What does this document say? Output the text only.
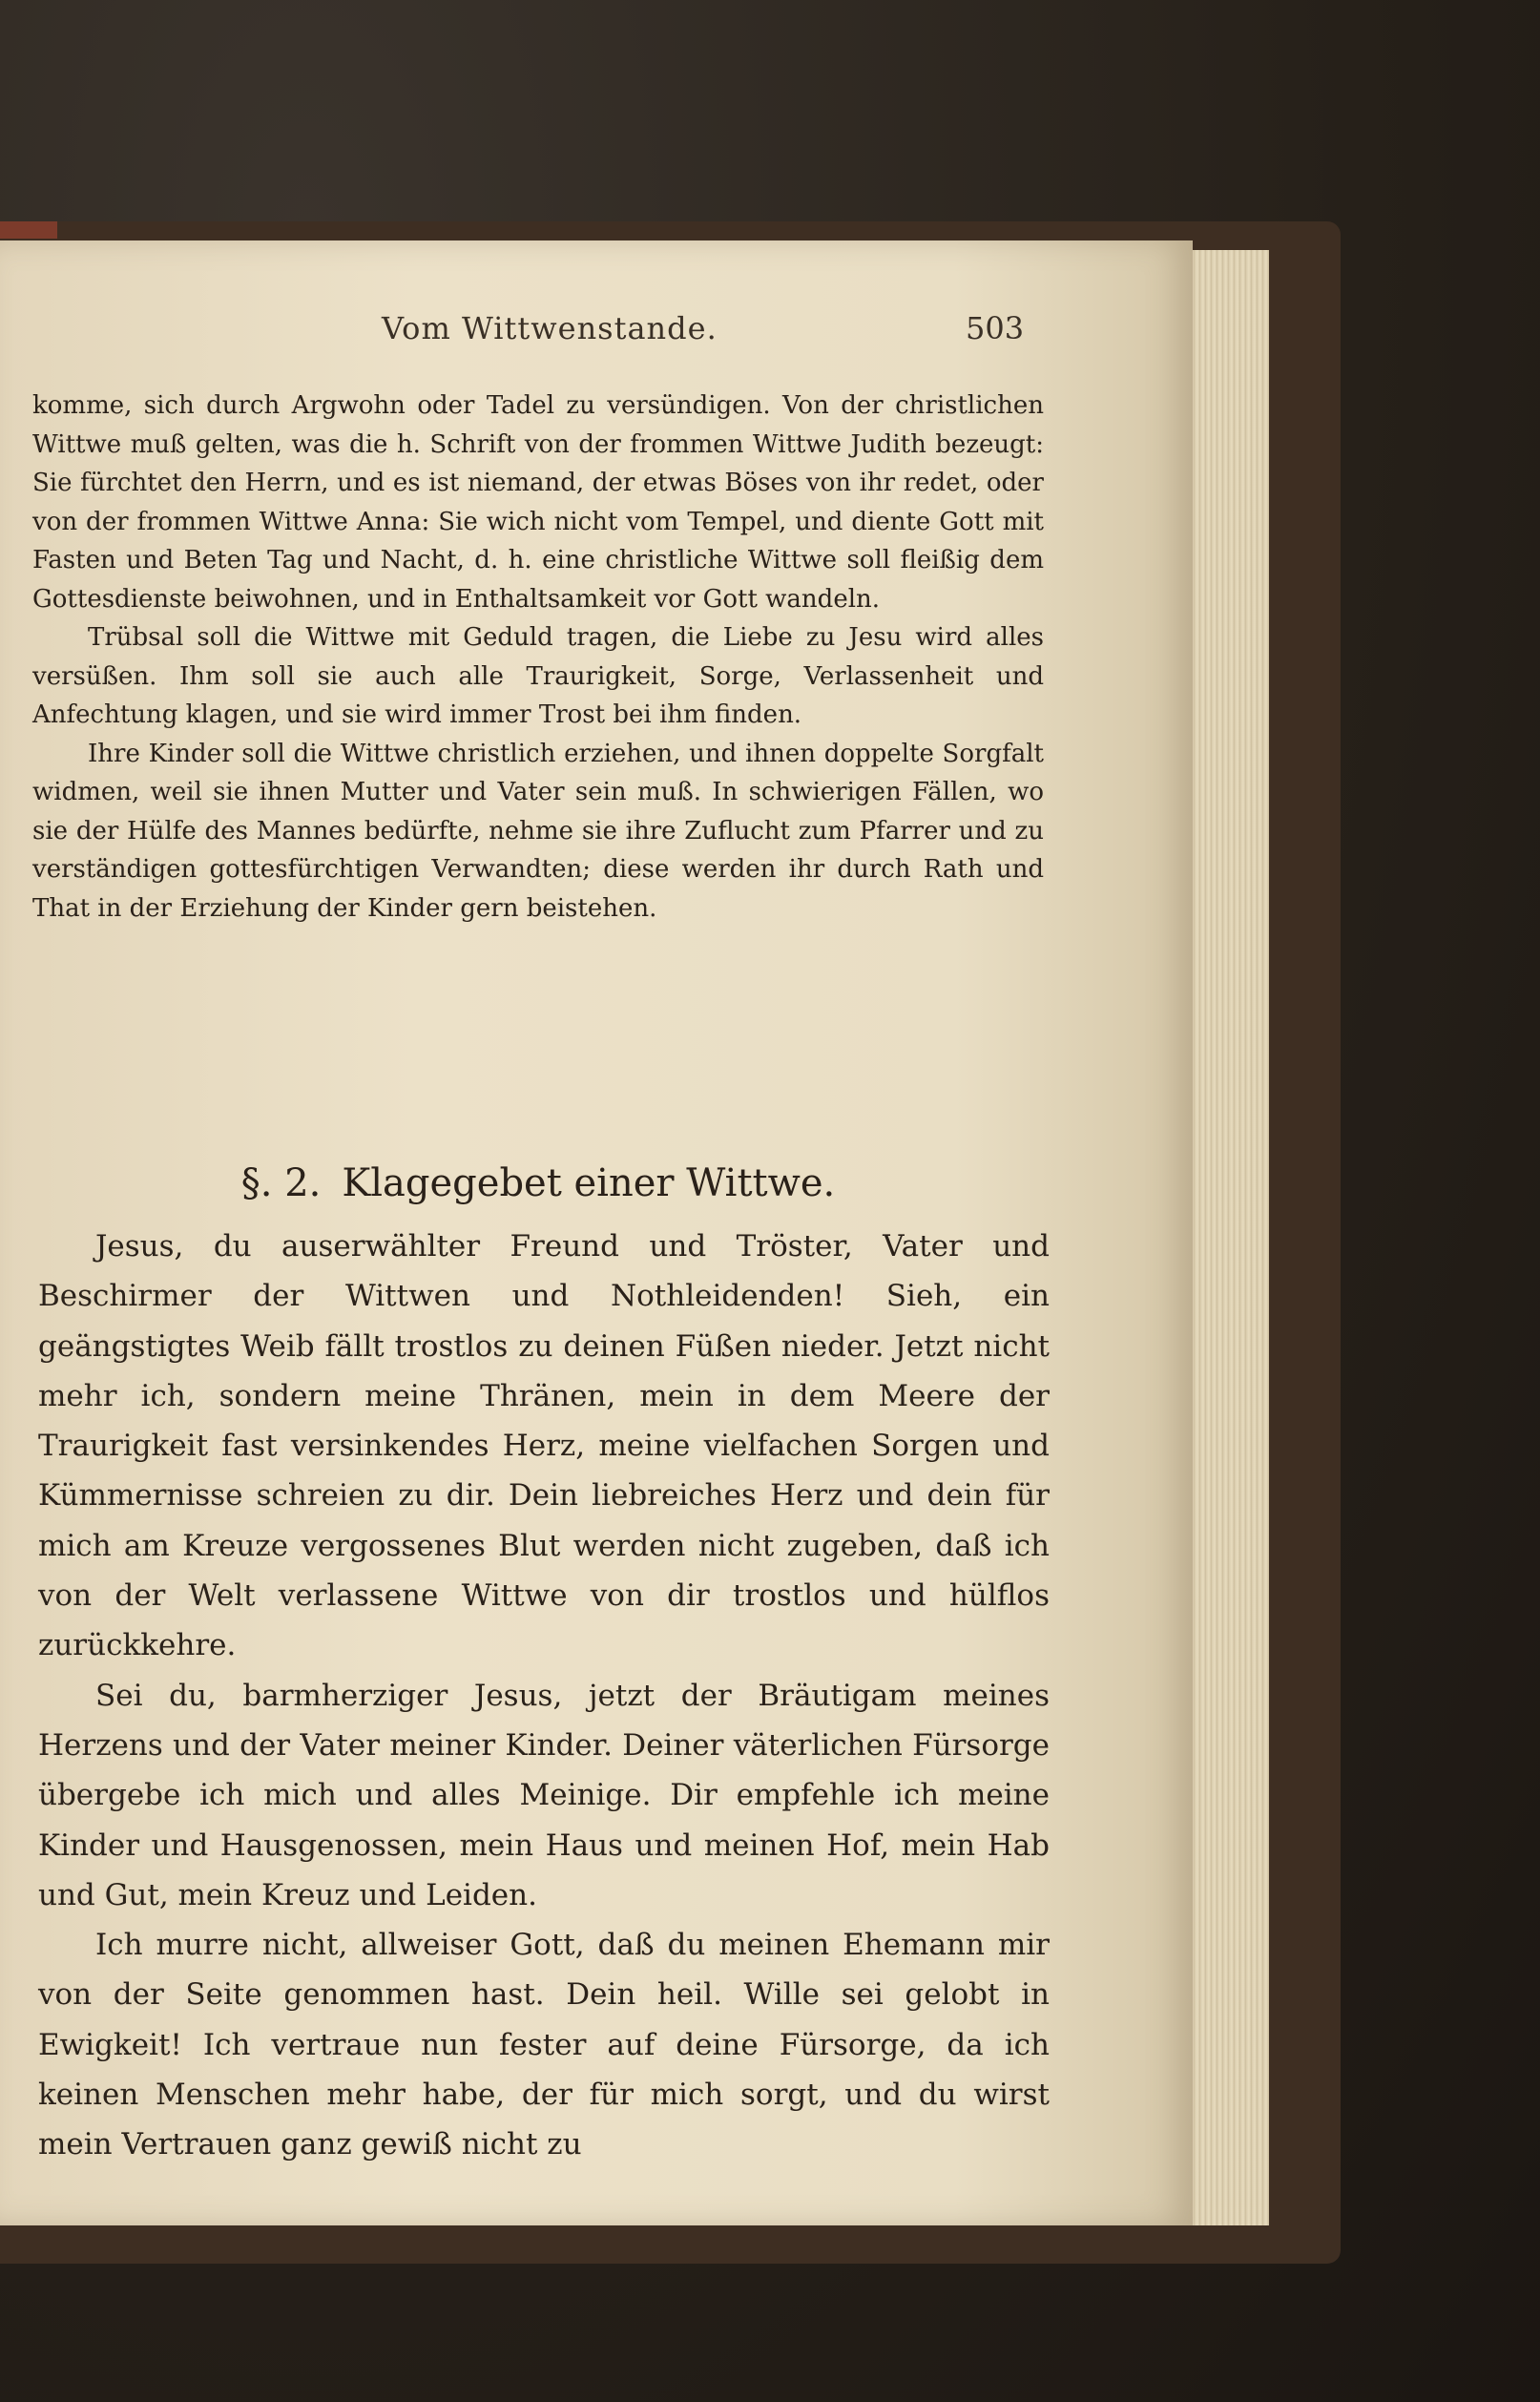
Vom Wittwenstande.	503

komme, sich durch Argwohn oder Tadel zu versündigen. Von der christlichen Wittwe muß gelten, was die h. Schrift von der frommen Wittwe Judith bezeugt: Sie fürchtet den Herrn, und es ist niemand, der etwas Böses von ihr redet, oder von der frommen Wittwe Anna: Sie wich nicht vom Tempel, und diente Gott mit Fasten und Beten Tag und Nacht, d. h. eine christliche Wittwe soll fleißig dem Gottesdienste beiwohnen, und in Enthaltsamkeit vor Gott wandeln.

Trübsal soll die Wittwe mit Geduld tragen, die Liebe zu Jesu wird alles versüßen. Ihm soll sie auch alle Traurigkeit, Sorge, Verlassenheit und Anfechtung klagen, und sie wird immer Trost bei ihm finden.

Ihre Kinder soll die Wittwe christlich erziehen, und ihnen doppelte Sorgfalt widmen, weil sie ihnen Mutter und Vater sein muß. In schwierigen Fällen, wo sie der Hülfe des Mannes bedürfte, nehme sie ihre Zuflucht zum Pfarrer und zu verständigen gottesfürchtigen Verwandten; diese werden ihr durch Rath und That in der Erziehung der Kinder gern beistehen.

§. 2. Klagegebet einer Wittwe.

Jesus, du auserwählter Freund und Tröster, Vater und Beschirmer der Wittwen und Nothleidenden! Sieh, ein geängstigtes Weib fällt trostlos zu deinen Füßen nieder. Jetzt nicht mehr ich, sondern meine Thränen, mein in dem Meere der Traurigkeit fast versinkendes Herz, meine vielfachen Sorgen und Kümmernisse schreien zu dir. Dein liebreiches Herz und dein für mich am Kreuze vergossenes Blut werden nicht zugeben, daß ich von der Welt verlassene Wittwe von dir trostlos und hülflos zurückkehre.

Sei du, barmherziger Jesus, jetzt der Bräutigam meines Herzens und der Vater meiner Kinder. Deiner väterlichen Fürsorge übergebe ich mich und alles Meinige. Dir empfehle ich meine Kinder und Hausgenossen, mein Haus und meinen Hof, mein Hab und Gut, mein Kreuz und Leiden.

Ich murre nicht, allweiser Gott, daß du meinen Ehemann mir von der Seite genommen hast. Dein heil. Wille sei gelobt in Ewigkeit! Ich vertraue nun fester auf deine Fürsorge, da ich keinen Menschen mehr habe, der für mich sorgt, und du wirst mein Vertrauen ganz gewiß nicht zu
